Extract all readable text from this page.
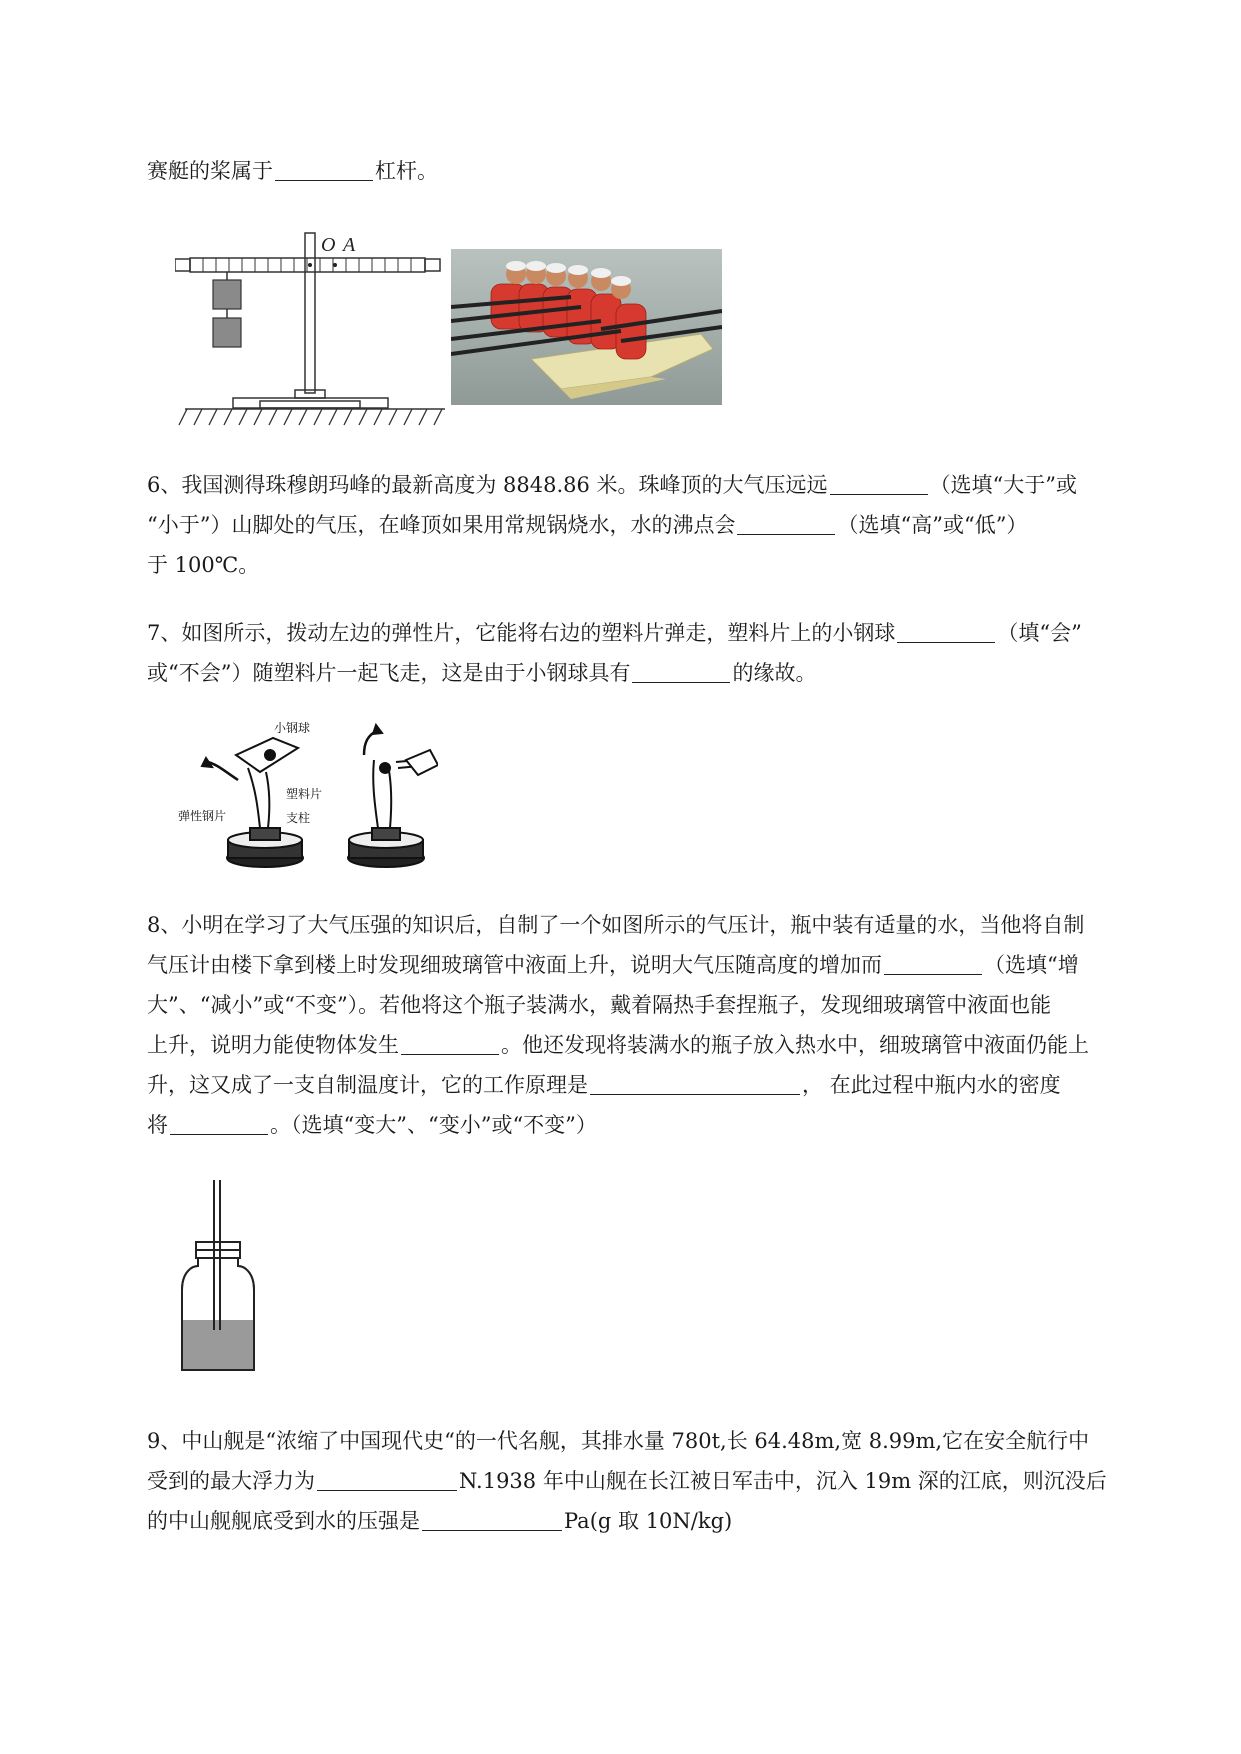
赛艇的桨属于	杠杆。
O A
6、我国测得珠穆朗玛峰的最新高度为 8848.86 米。珠峰顶的大气压远远	（选填“大于”或
“小于”）山脚处的气压，在峰顶如果用常规锅烧水，水的沸点会	（选填“高”或“低”）
于 100℃。
7、如图所示，拨动左边的弹性片，它能将右边的塑料片弹走，塑料片上的小钢球	（填“会”
或“不会”）随塑料片一起飞走，这是由于小钢球具有	的缘故。
小钢球
塑料片
弹性钢片	支柱
8、小明在学习了大气压强的知识后，自制了一个如图所示的气压计，瓶中装有适量的水，当他将自制
气压计由楼下拿到楼上时发现细玻璃管中液面上升，说明大气压随高度的增加而	（选填“增
大”、“减小”或“不变”）。若他将这个瓶子装满水，戴着隔热手套捏瓶子，发现细玻璃管中液面也能
上升，说明力能使物体发生	。他还发现将装满水的瓶子放入热水中，细玻璃管中液面仍能上
升，这又成了一支自制温度计，它的工作原理是	， 在此过程中瓶内水的密度
将	。（选填“变大”、“变小”或“不变”）
9、中山舰是“浓缩了中国现代史“的一代名舰，其排水量 780t,长 64.48m,宽 8.99m,它在安全航行中
受到的最大浮力为	N.1938 年中山舰在长江被日军击中，沉入 19m 深的江底，则沉没后
的中山舰舰底受到水的压强是	Pa(g 取 10N/kg)
